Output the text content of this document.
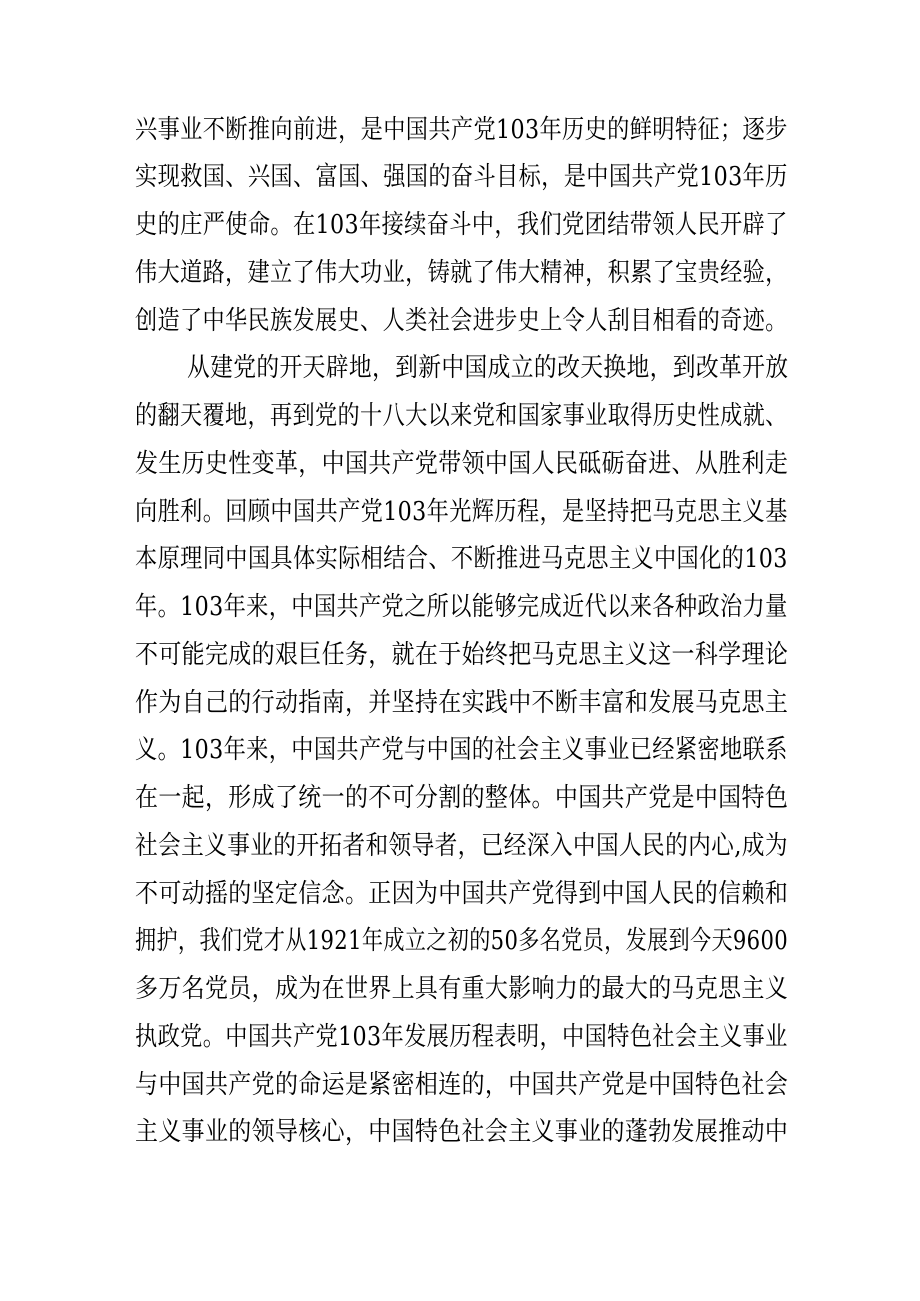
兴事业不断推向前进，是中国共产党103年历史的鲜明特征；逐步
实现救国、兴国、富国、强国的奋斗目标，是中国共产党103年历
史的庄严使命。在103年接续奋斗中，我们党团结带领人民开辟了
伟大道路，建立了伟大功业，铸就了伟大精神，积累了宝贵经验，
创造了中华民族发展史、人类社会进步史上令人刮目相看的奇迹。
从建党的开天辟地，到新中国成立的改天换地，到改革开放
的翻天覆地，再到党的十八大以来党和国家事业取得历史性成就、
发生历史性变革，中国共产党带领中国人民砥砺奋进、从胜利走
向胜利。回顾中国共产党103年光辉历程，是坚持把马克思主义基
本原理同中国具体实际相结合、不断推进马克思主义中国化的103
年。103年来，中国共产党之所以能够完成近代以来各种政治力量
不可能完成的艰巨任务，就在于始终把马克思主义这一科学理论
作为自己的行动指南，并坚持在实践中不断丰富和发展马克思主
义。103年来，中国共产党与中国的社会主义事业已经紧密地联系
在一起，形成了统一的不可分割的整体。中国共产党是中国特色
社会主义事业的开拓者和领导者，已经深入中国人民的内心,成为
不可动摇的坚定信念。正因为中国共产党得到中国人民的信赖和
拥护，我们党才从1921年成立之初的50多名党员，发展到今天9600
多万名党员，成为在世界上具有重大影响力的最大的马克思主义
执政党。中国共产党103年发展历程表明，中国特色社会主义事业
与中国共产党的命运是紧密相连的，中国共产党是中国特色社会
主义事业的领导核心，中国特色社会主义事业的蓬勃发展推动中
